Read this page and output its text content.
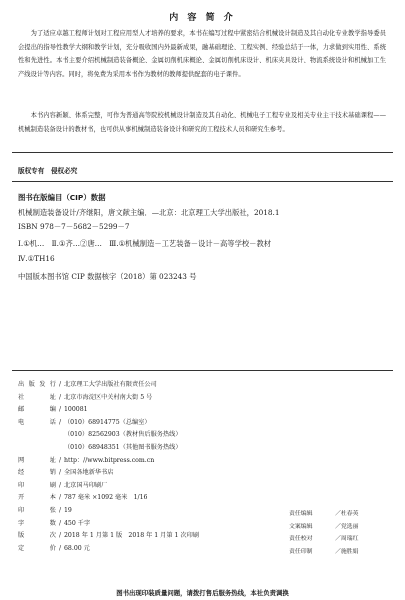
内 容 简 介
为了适应卓越工程师计划对工程应用型人才培养的要求，本书在编写过程中紧密结合机械设计制造及其自动化专业教学指导委员会提出的指导性教学大纲和教学计划，充分吸收国内外最新成果，融基础理论、工程实例、经验总结于一体，力求做到实用性、系统性和先进性。本书主要介绍机械制造装备概论、金属切削机床概论、金属切削机床设计、机床夹具设计、物流系统设计和机械加工生产线设计等内容。同时，将免费为采用本书作为教材的教师提供配套的电子课件。
本书内容新颖、体系完整，可作为普通高等院校机械设计制造及其自动化、机械电子工程专业及相关专业主干技术基础课程——机械制造装备设计的教材书，也可供从事机械制造装备设计和研究的工程技术人员和研究生参考。
版权专有　侵权必究
图书在版编目（CIP）数据
机械制造装备设计/齐继阳，唐文献主编．—北京：北京理工大学出版社，2018.1
ISBN 978－7－5682－5299－7
Ⅰ.①机…　Ⅱ.①齐…②唐…　Ⅲ.①机械制造－工艺装备－设计－高等学校－教材
Ⅳ.①TH16
中国版本图书馆 CIP 数据核字（2018）第 023243 号
出版发行 / 北京理工大学出版社有限责任公司
社址 / 北京市海淀区中关村南大街 5 号
邮编 / 100081
电话 / （010）68914775（总编室）
（010）82562903（教材售后服务热线）
（010）68948351（其他图书服务热线）
网址 / http：//www.bitpress.com.cn
经销 / 全国各地新华书店
印刷 / 北京国马印刷厂
开本 / 787 毫米 ×1092 毫米　1/16
印张 / 19
字数 / 450 千字
版次 / 2018 年 1 月第 1 版　2018 年 1 月第 1 次印刷
定价 / 68.00 元
责任编辑	／杜春英
文案编辑	／党选丽
责任校对	／周瑞红
责任印制	／施胜娟
图书出现印装质量问题，请拨打售后服务热线，本社负责调换
